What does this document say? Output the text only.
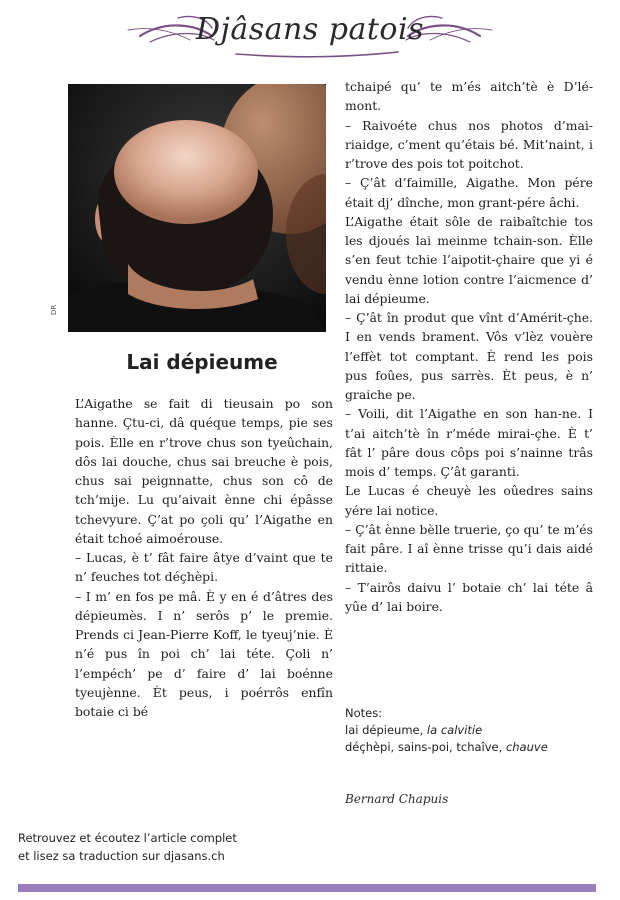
Djâsans patois
DR
Lai dépieume

L’Aigathe se fait di tieusain po son hanne. Çtu-ci, dâ quéque temps, pie ses pois. Èlle en r’trove chus son tyeûchain, dôs lai douche, chus sai breuche è pois, chus sai peignnatte, chus son cô de tch’mije. Lu qu’aivait ènne chi épâsse tchevyure. Ç’at po çoli qu’ l’Aigathe en était tchoé aimoérouse.

– Lucas, è t’ fât faire âtye d’vaint que te n’ feuches tot déçhèpi.

– I m’ en fos pe mâ. È y en é d’âtres des dépieumès. I n’ serôs p’ le premie. Prends ci Jean-Pierre Koff, le tyeuj’nie. È n’é pus în poi ch’ lai téte. Çoli n’ l’empéch’ pe d’ faire d’ lai boénne tyeujènne. Èt peus, i poérrôs enfîn botaie ci bé

tchaipé qu’ te m’és aitch’tè è D’lé-mont.

– Raivoéte chus nos photos d’mai-riaidge, c’ment qu’étais bé. Mit’naint, i r’trove des pois tot poitchot.

– Ç’ât d’faimille, Aigathe. Mon pére était dj’ dînche, mon grant-pére âchi.

L’Aigathe était sôle de raibaîtchie tos les djoués lai meinme tchain-son. Èlle s’en feut tchie l’aipotit-çhaire que yi é vendu ènne lotion contre l’aicmence d’ lai dépieume.

– Ç’ât în produt que vînt d’Amérit-çhe. I en vends brament. Vôs v’lèz vouère l’effèt tot comptant. È rend les pois pus foûes, pus sarrès. Èt peus, è n’ graiche pe.

– Voili, dit l’Aigathe en son han-ne. I t’ai aitch’tè în r’méde mirai-çhe. È t’ fât l’ pâre dous côps poi s’nainne trâs mois d’ temps. Ç’ât garanti.

Le Lucas é cheuyè les oûedres sains yére lai notice.

– Ç’ât ènne bèlle truerie, ço qu’ te m’és fait pâre. I aî ènne trisse qu’i dais aidé rittaie.

– T’airôs daivu l’ botaie ch’ lai téte â yûe d’ lai boire.

Notes:
lai dépieume, la calvitie
déçhèpi, sains-poi, tchaîve, chauve
Bernard Chapuis
Retrouvez et écoutez l’article complet
et lisez sa traduction sur djasans.ch
